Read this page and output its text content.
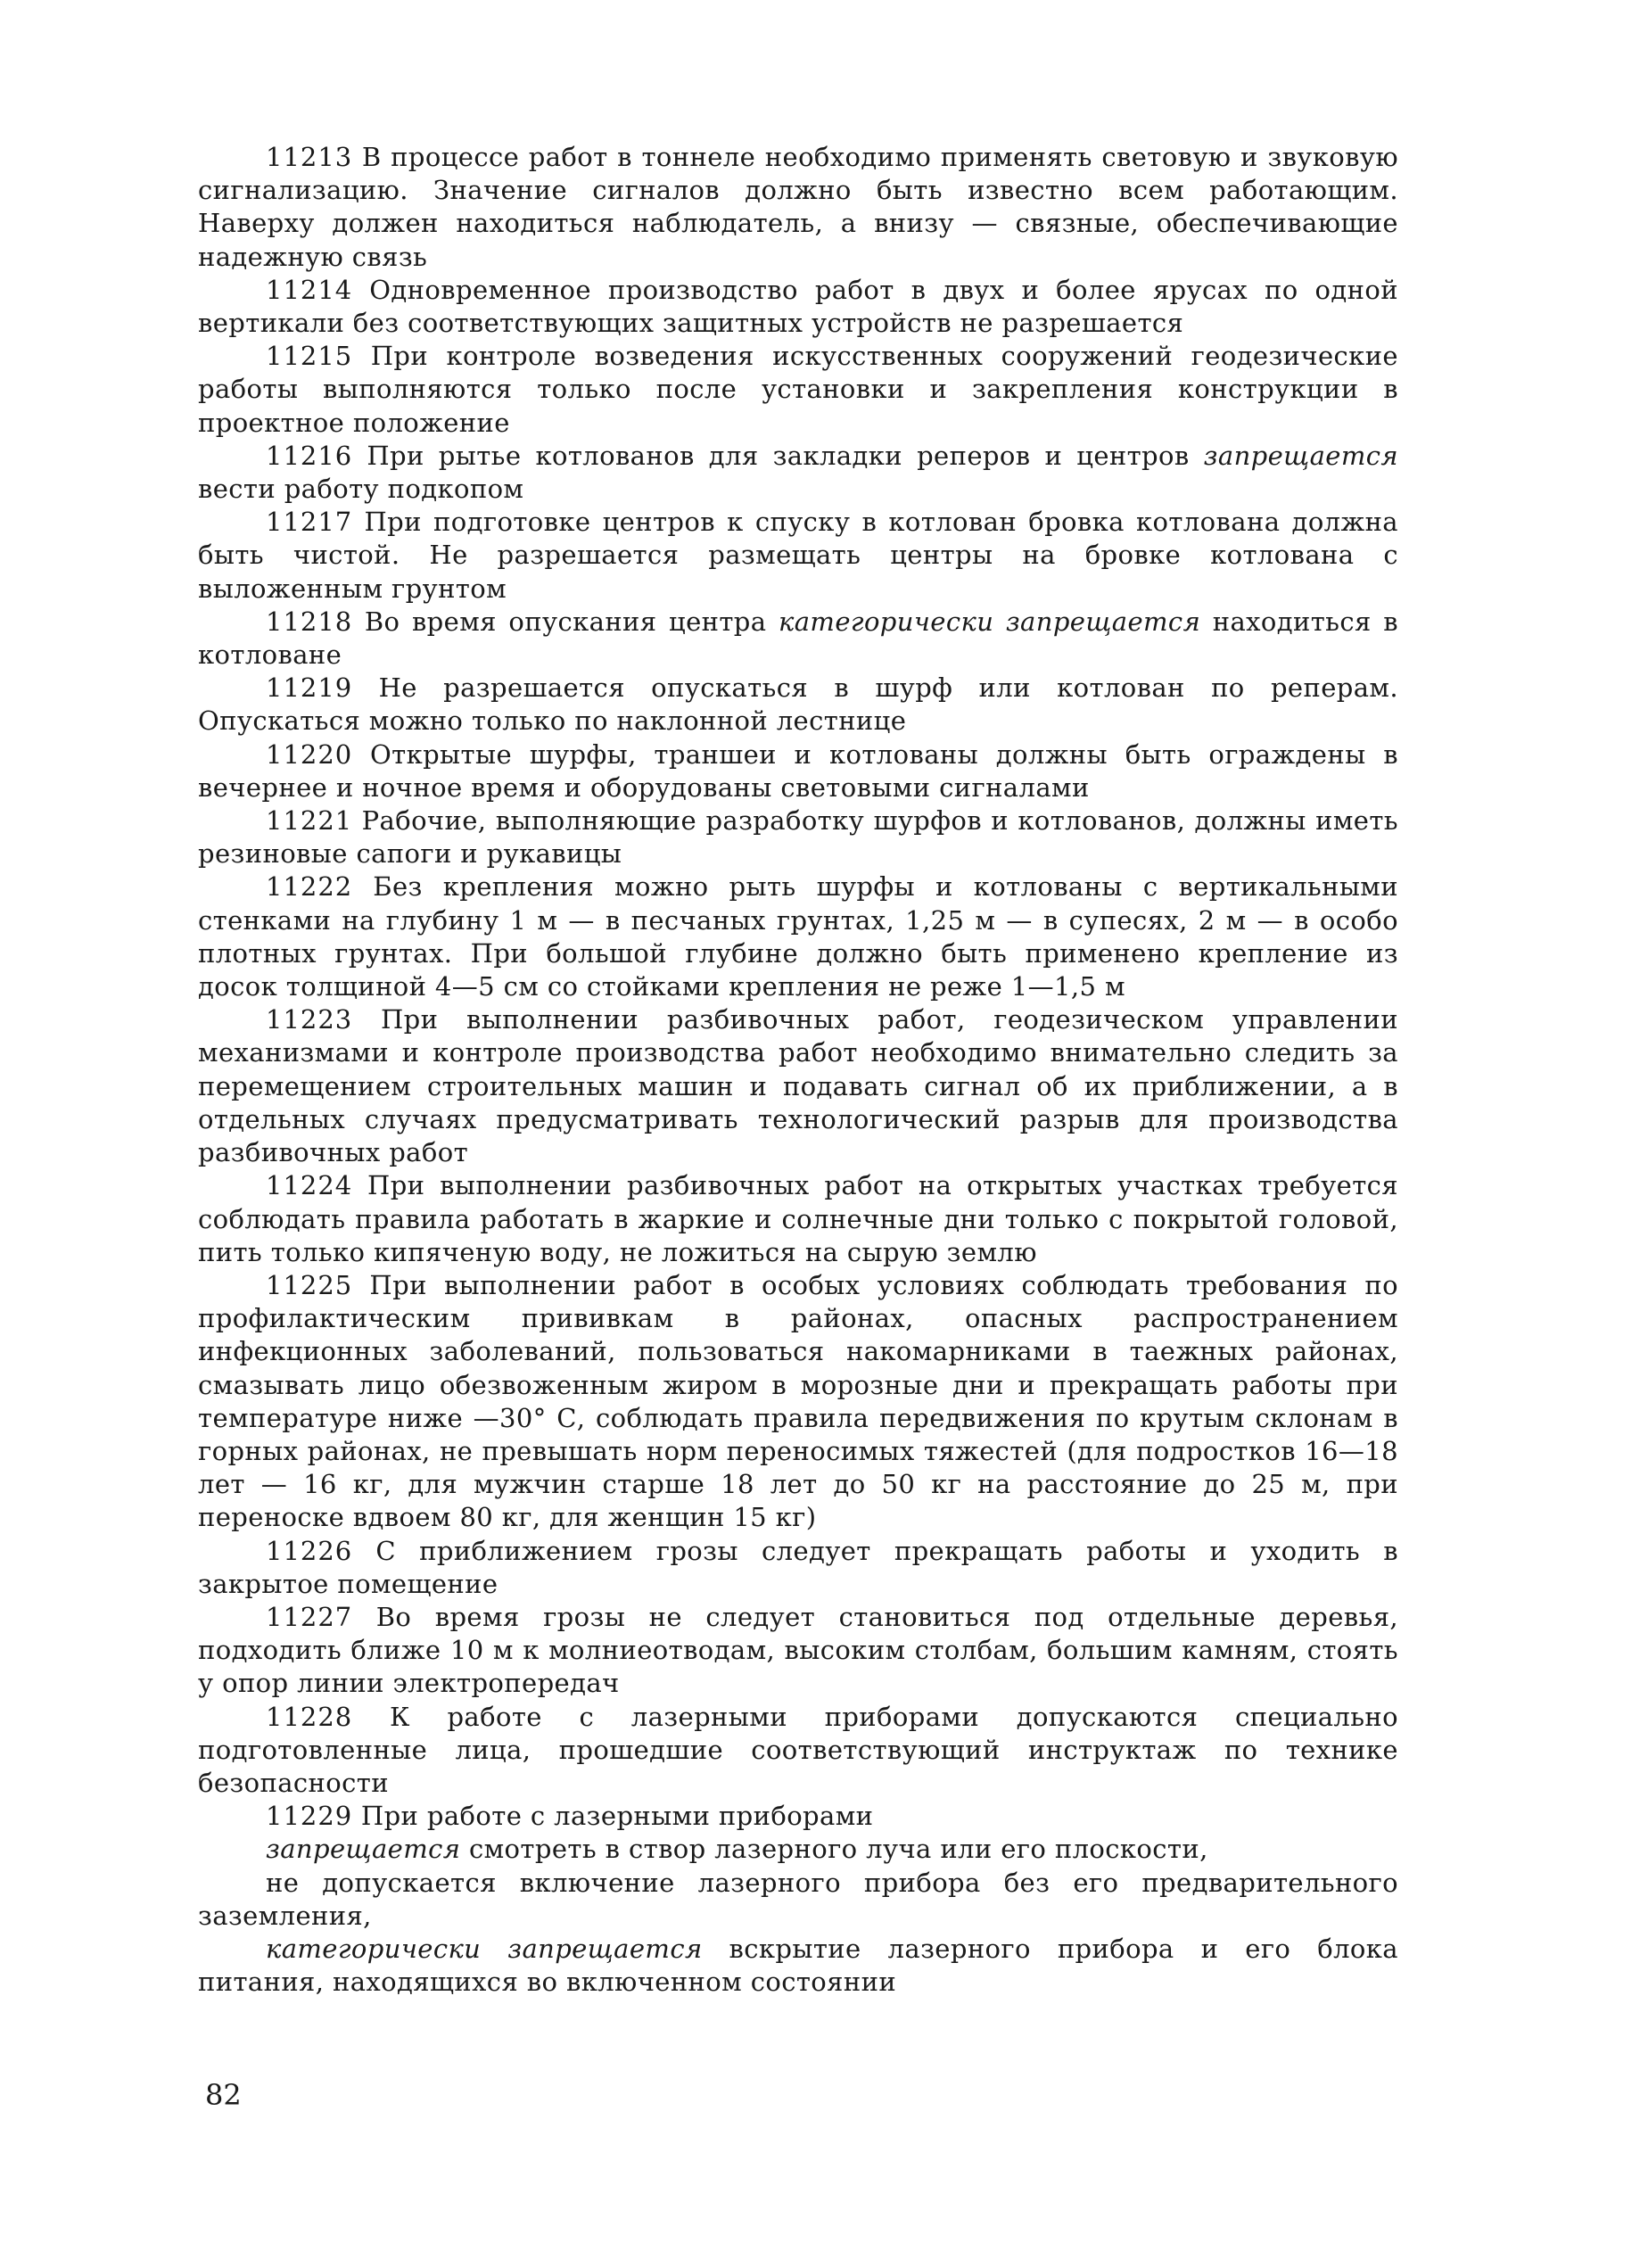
11213 В процессе работ в тоннеле необходимо применять световую и звуковую сигнализацию. Значение сигналов должно быть известно всем работающим. Наверху должен находиться наблюдатель, а внизу — связные, обеспечивающие надежную связь

11214 Одновременное производство работ в двух и более ярусах по одной вертикали без соответствующих защитных устройств не разрешается

11215 При контроле возведения искусственных сооружений геодезические работы выполняются только после установки и закрепления конструкции в проектное положение

11216 При рытье котлованов для закладки реперов и центров запрещается вести работу подкопом

11217 При подготовке центров к спуску в котлован бровка котлована должна быть чистой. Не разрешается размещать центры на бровке котлована с выложенным грунтом

11218 Во время опускания центра категорически запрещается находиться в котловане

11219 Не разрешается опускаться в шурф или котлован по реперам. Опускаться можно только по наклонной лестнице

11220 Открытые шурфы, траншеи и котлованы должны быть ограждены в вечернее и ночное время и оборудованы световыми сигналами

11221 Рабочие, выполняющие разработку шурфов и котлованов, должны иметь резиновые сапоги и рукавицы

11222 Без крепления можно рыть шурфы и котлованы с вертикальными стенками на глубину 1 м — в песчаных грунтах, 1,25 м — в супесях, 2 м — в особо плотных грунтах. При большой глубине должно быть применено крепление из досок толщиной 4—5 см со стойками крепления не реже 1—1,5 м

11223 При выполнении разбивочных работ, геодезическом управлении механизмами и контроле производства работ необходимо внимательно следить за перемещением строительных машин и подавать сигнал об их приближении, а в отдельных случаях предусматривать технологический разрыв для производства разбивочных работ

11224 При выполнении разбивочных работ на открытых участках требуется соблюдать правила работать в жаркие и солнечные дни только с покрытой головой, пить только кипяченую воду, не ложиться на сырую землю

11225 При выполнении работ в особых условиях соблюдать требования по профилактическим прививкам в районах, опасных распространением инфекционных заболеваний, пользоваться накомарниками в таежных районах, смазывать лицо обезвоженным жиром в морозные дни и прекращать работы при температуре ниже —30° С, соблюдать правила передвижения по крутым склонам в горных районах, не превышать норм переносимых тяжестей (для подростков 16—18 лет — 16 кг, для мужчин старше 18 лет до 50 кг на расстояние до 25 м, при переноске вдвоем 80 кг, для женщин 15 кг)

11226 С приближением грозы следует прекращать работы и уходить в закрытое помещение

11227 Во время грозы не следует становиться под отдельные деревья, подходить ближе 10 м к молниеотводам, высоким столбам, большим камням, стоять у опор линии электропередач

11228 К работе с лазерными приборами допускаются специально подготовленные лица, прошедшие соответствующий инструктаж по технике безопасности

11229 При работе с лазерными приборами

запрещается смотреть в створ лазерного луча или его плоскости,

не допускается включение лазерного прибора без его предварительного заземления,

категорически запрещается вскрытие лазерного прибора и его блока питания, находящихся во включенном состоянии

82
